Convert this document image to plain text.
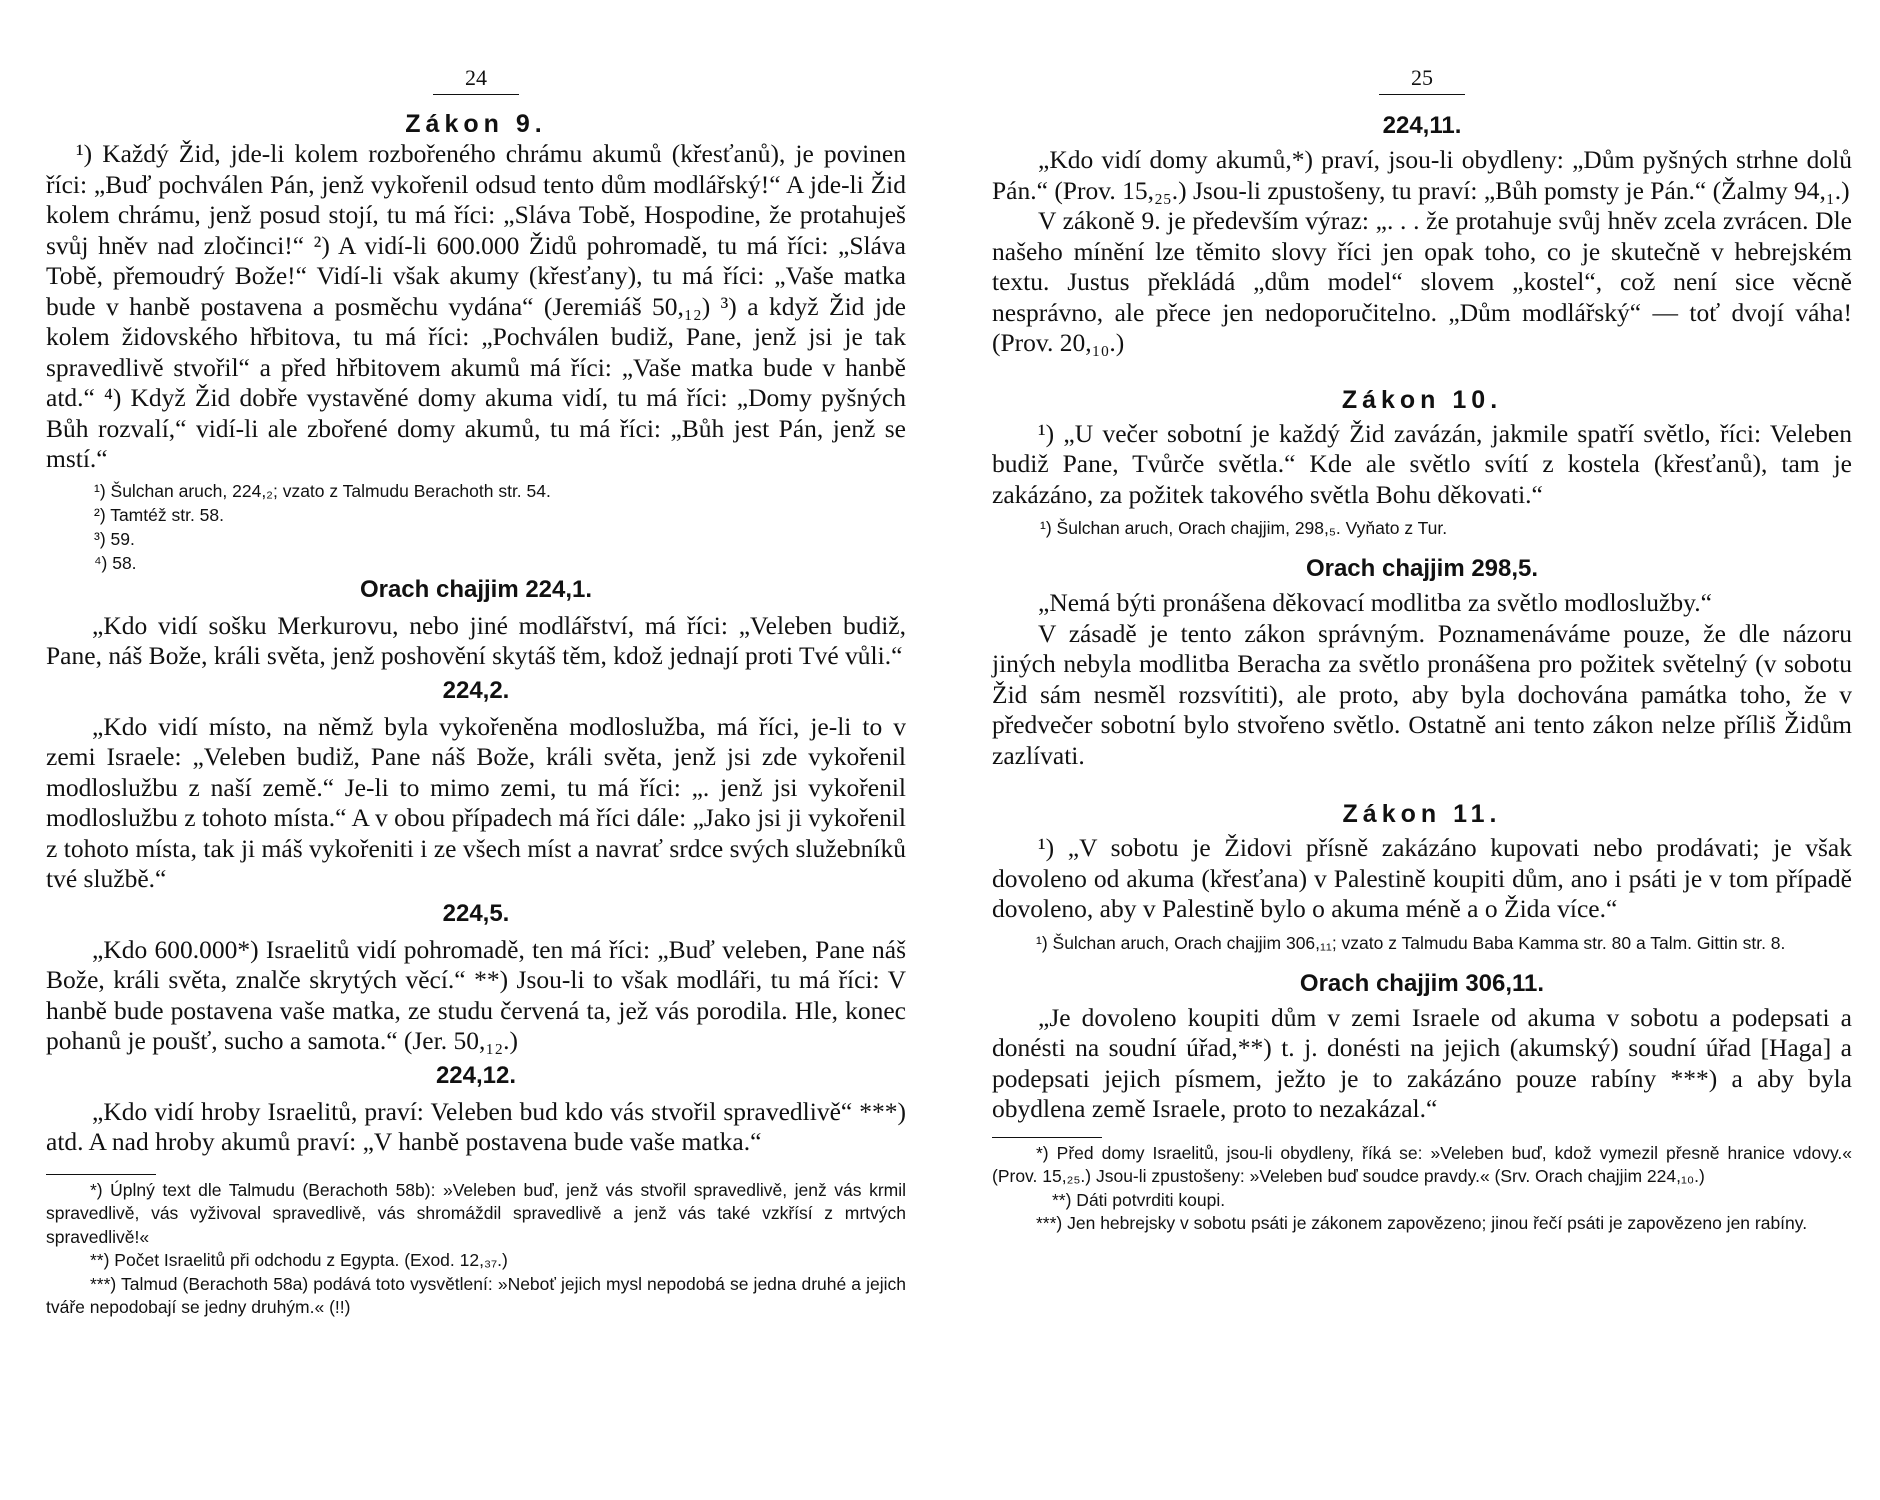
24
Zákon 9.

¹) Každý Žid, jde-li kolem rozbořeného chrámu akumů (křesťanů), je povinen říci: „Buď pochválen Pán, jenž vykořenil odsud tento dům modlářský!“ A jde-li Žid kolem chrámu, jenž posud stojí, tu má říci: „Sláva Tobě, Hospodine, že protahuješ svůj hněv nad zločinci!“ ²) A vidí-li 600.000 Židů pohromadě, tu má říci: „Sláva Tobě, přemoudrý Bože!“ Vidí-li však akumy (křesťany), tu má říci: „Vaše matka bude v hanbě postavena a posměchu vydána“ (Jeremiáš 50,₁₂) ³) a když Žid jde kolem židovského hřbitova, tu má říci: „Pochválen budiž, Pane, jenž jsi je tak spravedlivě stvořil“ a před hřbitovem akumů má říci: „Vaše matka bude v hanbě atd.“ ⁴) Když Žid dobře vystavěné domy akuma vidí, tu má říci: „Domy pyšných Bůh rozvalí,“ vidí-li ale zbořené domy akumů, tu má říci: „Bůh jest Pán, jenž se mstí.“

¹) Šulchan aruch, 224,₂; vzato z Talmudu Berachoth str. 54.

²) Tamtéž str. 58.

³) 59.

⁴) 58.

Orach chajjim 224,1.

„Kdo vidí sošku Merkurovu, nebo jiné modlářství, má říci: „Veleben budiž, Pane, náš Bože, králi světa, jenž poshovění skytáš těm, kdož jednají proti Tvé vůli.“

224,2.

„Kdo vidí místo, na němž byla vykořeněna modloslužba, má říci, je-li to v zemi Israele: „Veleben budiž, Pane náš Bože, králi světa, jenž jsi zde vykořenil modloslužbu z naší země.“ Je-li to mimo zemi, tu má říci: „. jenž jsi vykořenil modloslužbu z tohoto místa.“ A v obou případech má říci dále: „Jako jsi ji vykořenil z tohoto místa, tak ji máš vykořeniti i ze všech míst a navrať srdce svých služebníků tvé službě.“

224,5.

„Kdo 600.000*) Israelitů vidí pohromadě, ten má říci: „Buď veleben, Pane náš Bože, králi světa, znalče skrytých věcí.“ **) Jsou-li to však modláři, tu má říci: V hanbě bude postavena vaše matka, ze studu červená ta, jež vás porodila. Hle, konec pohanů je poušť, sucho a samota.“ (Jer. 50,₁₂.)

224,12.

„Kdo vidí hroby Israelitů, praví: Veleben bud kdo vás stvořil spravedlivě“ ***) atd. A nad hroby akumů praví: „V hanbě postavena bude vaše matka.“

*) Úplný text dle Talmudu (Berachoth 58b): »Veleben buď, jenž vás stvořil spravedlivě, jenž vás krmil spravedlivě, vás vyživoval spravedlivě, vás shromáždil spravedlivě a jenž vás také vzkřísí z mrtvých spravedlivě!«

**) Počet Israelitů při odchodu z Egypta. (Exod. 12,₃₇.)

***) Talmud (Berachoth 58a) podává toto vysvětlení: »Neboť jejich mysl nepodobá se jedna druhé a jejich tváře nepodobají se jedny druhým.« (!!)

25
224,11.

„Kdo vidí domy akumů,*) praví, jsou-li obydleny: „Dům pyšných strhne dolů Pán.“ (Prov. 15,₂₅.) Jsou-li zpustošeny, tu praví: „Bůh pomsty je Pán.“ (Žalmy 94,₁.)

V zákoně 9. je především výraz: „. . . že protahuje svůj hněv zcela zvrácen. Dle našeho mínění lze těmito slovy říci jen opak toho, co je skutečně v hebrejském textu. Justus překládá „dům model“ slovem „kostel“, což není sice věcně nesprávno, ale přece jen nedoporučitelno. „Dům modlářský“ — toť dvojí váha! (Prov. 20,₁₀.)

Zákon 10.

¹) „U večer sobotní je každý Žid zavázán, jakmile spatří světlo, říci: Veleben budiž Pane, Tvůrče světla.“ Kde ale světlo svítí z kostela (křesťanů), tam je zakázáno, za požitek takového světla Bohu děkovati.“

¹) Šulchan aruch, Orach chajjim, 298,₅. Vyňato z Tur.

Orach chajjim 298,5.

„Nemá býti pronášena děkovací modlitba za světlo modloslužby.“

V zásadě je tento zákon správným. Poznamenáváme pouze, že dle názoru jiných nebyla modlitba Beracha za světlo pronášena pro požitek světelný (v sobotu Žid sám nesměl rozsvítiti), ale proto, aby byla dochována památka toho, že v předvečer sobotní bylo stvořeno světlo. Ostatně ani tento zákon nelze příliš Židům zazlívati.

Zákon 11.

¹) „V sobotu je Židovi přísně zakázáno kupovati nebo prodávati; je však dovoleno od akuma (křesťana) v Palestině koupiti dům, ano i psáti je v tom případě dovoleno, aby v Palestině bylo o akuma méně a o Žida více.“

¹) Šulchan aruch, Orach chajjim 306,₁₁; vzato z Talmudu Baba Kamma str. 80 a Talm. Gittin str. 8.

Orach chajjim 306,11.

„Je dovoleno koupiti dům v zemi Israele od akuma v sobotu a podepsati a donésti na soudní úřad,**) t. j. donésti na jejich (akumský) soudní úřad [Haga] a podepsati jejich písmem, ježto je to zakázáno pouze rabíny ***) a aby byla obydlena země Israele, proto to nezakázal.“

*) Před domy Israelitů, jsou-li obydleny, říká se: »Veleben buď, kdož vymezil přesně hranice vdovy.« (Prov. 15,₂₅.) Jsou-li zpustošeny: »Veleben buď soudce pravdy.« (Srv. Orach chajjim 224,₁₀.)

**) Dáti potvrditi koupi.

***) Jen hebrejsky v sobotu psáti je zákonem zapovězeno; jinou řečí psáti je zapovězeno jen rabíny.
